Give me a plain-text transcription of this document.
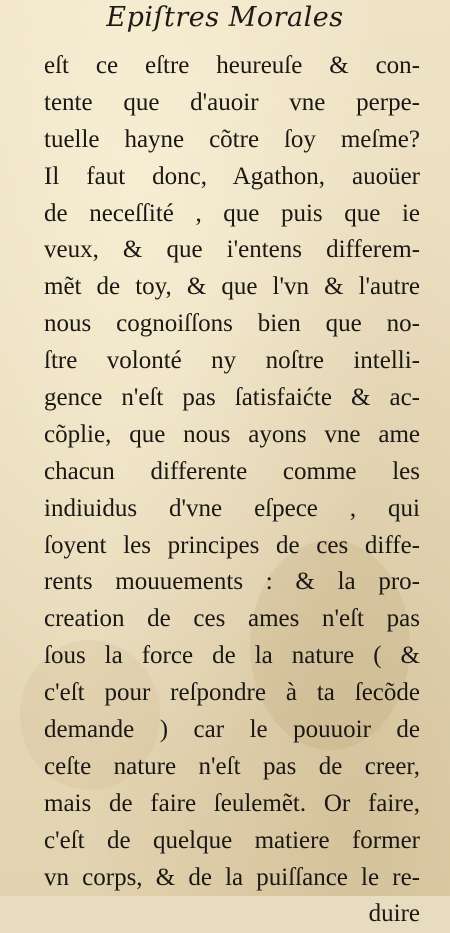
Epiſtres Morales
eſt ce eſtre heureuſe & con-
tente que d'auoir vne perpe-
tuelle hayne cõtre ſoy meſme?
Il faut donc, Agathon, auoüer
de neceſſité , que puis que ie
veux, & que i'entens differem-
mẽt de toy, & que l'vn & l'autre
nous cognoiſſons bien que no-
ſtre volonté ny noſtre intelli-
gence n'eſt pas ſatisfaićte & ac-
cõplie, que nous ayons vne ame
chacun differente comme les
indiuidus d'vne eſpece , qui
ſoyent les principes de ces diffe-
rents mouuements : & la pro-
creation de ces ames n'eſt pas
ſous la force de la nature ( &
c'eſt pour reſpondre à ta ſecõde
demande ) car le pouuoir de
ceſte nature n'eſt pas de creer,
mais de faire ſeulemẽt. Or faire,
c'eſt de quelque matiere former
vn corps, & de la puiſſance le re-
duire
